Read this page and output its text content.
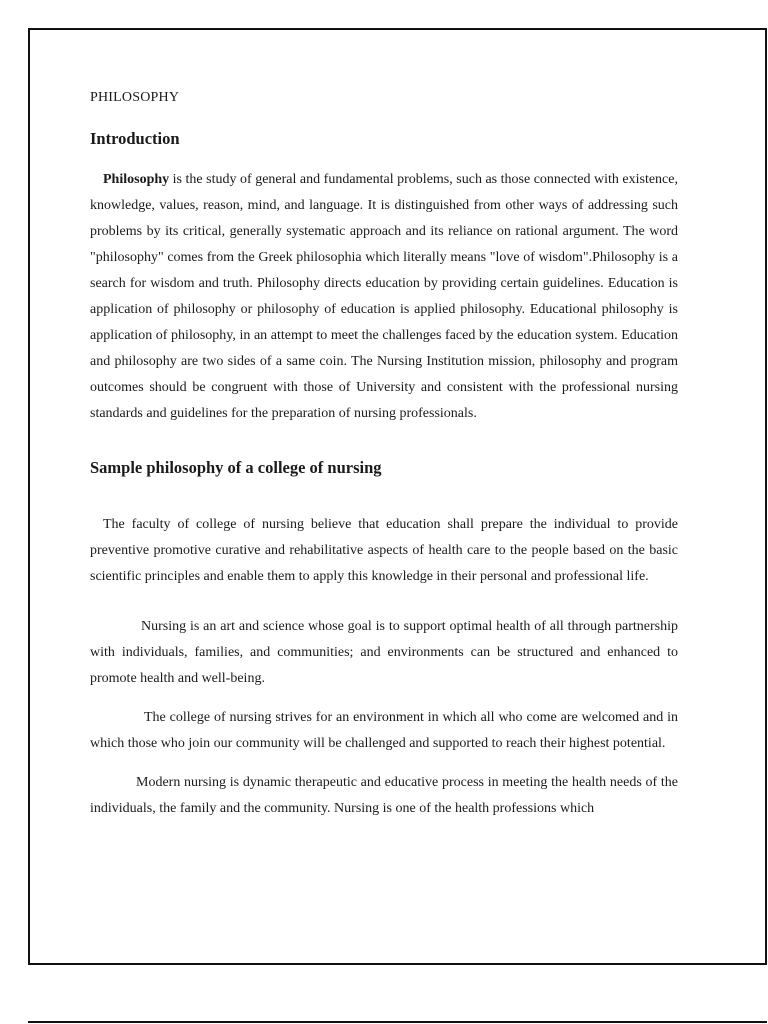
PHILOSOPHY
Introduction

Philosophy is the study of general and fundamental problems, such as those connected with existence, knowledge, values, reason, mind, and language. It is distinguished from other ways of addressing such problems by its critical, generally systematic approach and its reliance on rational argument. The word "philosophy" comes from the Greek philosophia which literally means "love of wisdom".Philosophy is a search for wisdom and truth. Philosophy directs education by providing certain guidelines. Education is application of philosophy or philosophy of education is applied philosophy. Educational philosophy is application of philosophy, in an attempt to meet the challenges faced by the education system. Education and philosophy are two sides of a same coin. The Nursing Institution mission, philosophy and program outcomes should be congruent with those of University and consistent with the professional nursing standards and guidelines for the preparation of nursing professionals.

Sample philosophy of a college of nursing

The faculty of college of nursing believe that education shall prepare the individual to provide preventive promotive curative and rehabilitative aspects of health care to the people based on the basic scientific principles and enable them to apply this knowledge in their personal and professional life.

Nursing is an art and science whose goal is to support optimal health of all through partnership with individuals, families, and communities; and environments can be structured and enhanced to promote health and well-being.

The college of nursing strives for an environment in which all who come are welcomed and in which those who join our community will be challenged and supported to reach their highest potential.

Modern nursing is dynamic therapeutic and educative process in meeting the health needs of the individuals, the family and the community. Nursing is one of the health professions which
